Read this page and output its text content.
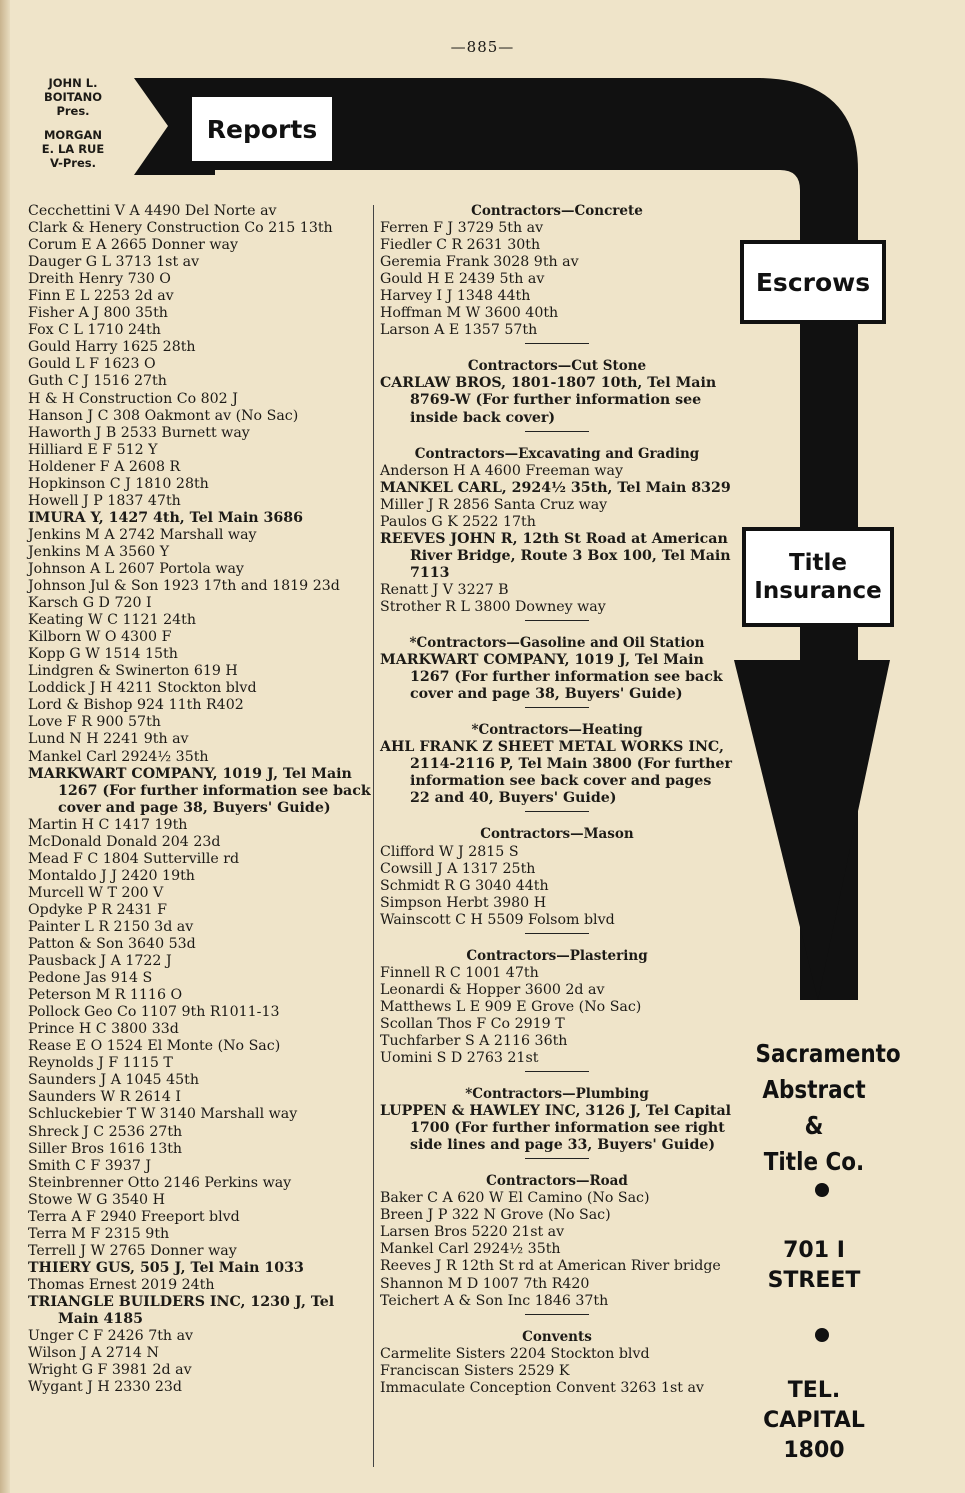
—885—
JOHN L.
BOITANO
Pres.
MORGAN
E. LA RUE
V-Pres.
Reports
Escrows
Title
Insurance
Cecchettini V A 4490 Del Norte av
Clark & Henery Construction Co 215 13th
Corum E A 2665 Donner way
Dauger G L 3713 1st av
Dreith Henry 730 O
Finn E L 2253 2d av
Fisher A J 800 35th
Fox C L 1710 24th
Gould Harry 1625 28th
Gould L F 1623 O
Guth C J 1516 27th
H & H Construction Co 802 J
Hanson J C 308 Oakmont av (No Sac)
Haworth J B 2533 Burnett way
Hilliard E F 512 Y
Holdener F A 2608 R
Hopkinson C J 1810 28th
Howell J P 1837 47th
IMURA Y, 1427 4th, Tel Main 3686
Jenkins M A 2742 Marshall way
Jenkins M A 3560 Y
Johnson A L 2607 Portola way
Johnson Jul & Son 1923 17th and 1819 23d
Karsch G D 720 I
Keating W C 1121 24th
Kilborn W O 4300 F
Kopp G W 1514 15th
Lindgren & Swinerton 619 H
Loddick J H 4211 Stockton blvd
Lord & Bishop 924 11th R402
Love F R 900 57th
Lund N H 2241 9th av
Mankel Carl 2924½ 35th
MARKWART COMPANY, 1019 J, Tel Main 1267 (For further information see back cover and page 38, Buyers' Guide)
Martin H C 1417 19th
McDonald Donald 204 23d
Mead F C 1804 Sutterville rd
Montaldo J J 2420 19th
Murcell W T 200 V
Opdyke P R 2431 F
Painter L R 2150 3d av
Patton & Son 3640 53d
Pausback J A 1722 J
Pedone Jas 914 S
Peterson M R 1116 O
Pollock Geo Co 1107 9th R1011-13
Prince H C 3800 33d
Rease E O 1524 El Monte (No Sac)
Reynolds J F 1115 T
Saunders J A 1045 45th
Saunders W R 2614 I
Schluckebier T W 3140 Marshall way
Shreck J C 2536 27th
Siller Bros 1616 13th
Smith C F 3937 J
Steinbrenner Otto 2146 Perkins way
Stowe W G 3540 H
Terra A F 2940 Freeport blvd
Terra M F 2315 9th
Terrell J W 2765 Donner way
THIERY GUS, 505 J, Tel Main 1033
Thomas Ernest 2019 24th
TRIANGLE BUILDERS INC, 1230 J, Tel Main 4185
Unger C F 2426 7th av
Wilson J A 2714 N
Wright G F 3981 2d av
Wygant J H 2330 23d
Contractors—Concrete
Ferren F J 3729 5th av
Fiedler C R 2631 30th
Geremia Frank 3028 9th av
Gould H E 2439 5th av
Harvey I J 1348 44th
Hoffman M W 3600 40th
Larson A E 1357 57th
Contractors—Cut Stone
CARLAW BROS, 1801-1807 10th, Tel Main 8769-W (For further information see inside back cover)
Contractors—Excavating and Grading
Anderson H A 4600 Freeman way
MANKEL CARL, 2924½ 35th, Tel Main 8329
Miller J R 2856 Santa Cruz way
Paulos G K 2522 17th
REEVES JOHN R, 12th St Road at American River Bridge, Route 3 Box 100, Tel Main 7113
Renatt J V 3227 B
Strother R L 3800 Downey way
*Contractors—Gasoline and Oil Station
MARKWART COMPANY, 1019 J, Tel Main 1267 (For further information see back cover and page 38, Buyers' Guide)
*Contractors—Heating
AHL FRANK Z SHEET METAL WORKS INC, 2114-2116 P, Tel Main 3800 (For further information see back cover and pages 22 and 40, Buyers' Guide)
Contractors—Mason
Clifford W J 2815 S
Cowsill J A 1317 25th
Schmidt R G 3040 44th
Simpson Herbt 3980 H
Wainscott C H 5509 Folsom blvd
Contractors—Plastering
Finnell R C 1001 47th
Leonardi & Hopper 3600 2d av
Matthews L E 909 E Grove (No Sac)
Scollan Thos F Co 2919 T
Tuchfarber S A 2116 36th
Uomini S D 2763 21st
*Contractors—Plumbing
LUPPEN & HAWLEY INC, 3126 J, Tel Capital 1700 (For further information see right side lines and page 33, Buyers' Guide)
Contractors—Road
Baker C A 620 W El Camino (No Sac)
Breen J P 322 N Grove (No Sac)
Larsen Bros 5220 21st av
Mankel Carl 2924½ 35th
Reeves J R 12th St rd at American River bridge
Shannon M D 1007 7th R420
Teichert A & Son Inc 1846 37th
Convents
Carmelite Sisters 2204 Stockton blvd
Franciscan Sisters 2529 K
Immaculate Conception Convent 3263 1st av
Sacramento
Abstract &
Title Co.
701 I
STREET
TEL.
CAPITAL
1800
